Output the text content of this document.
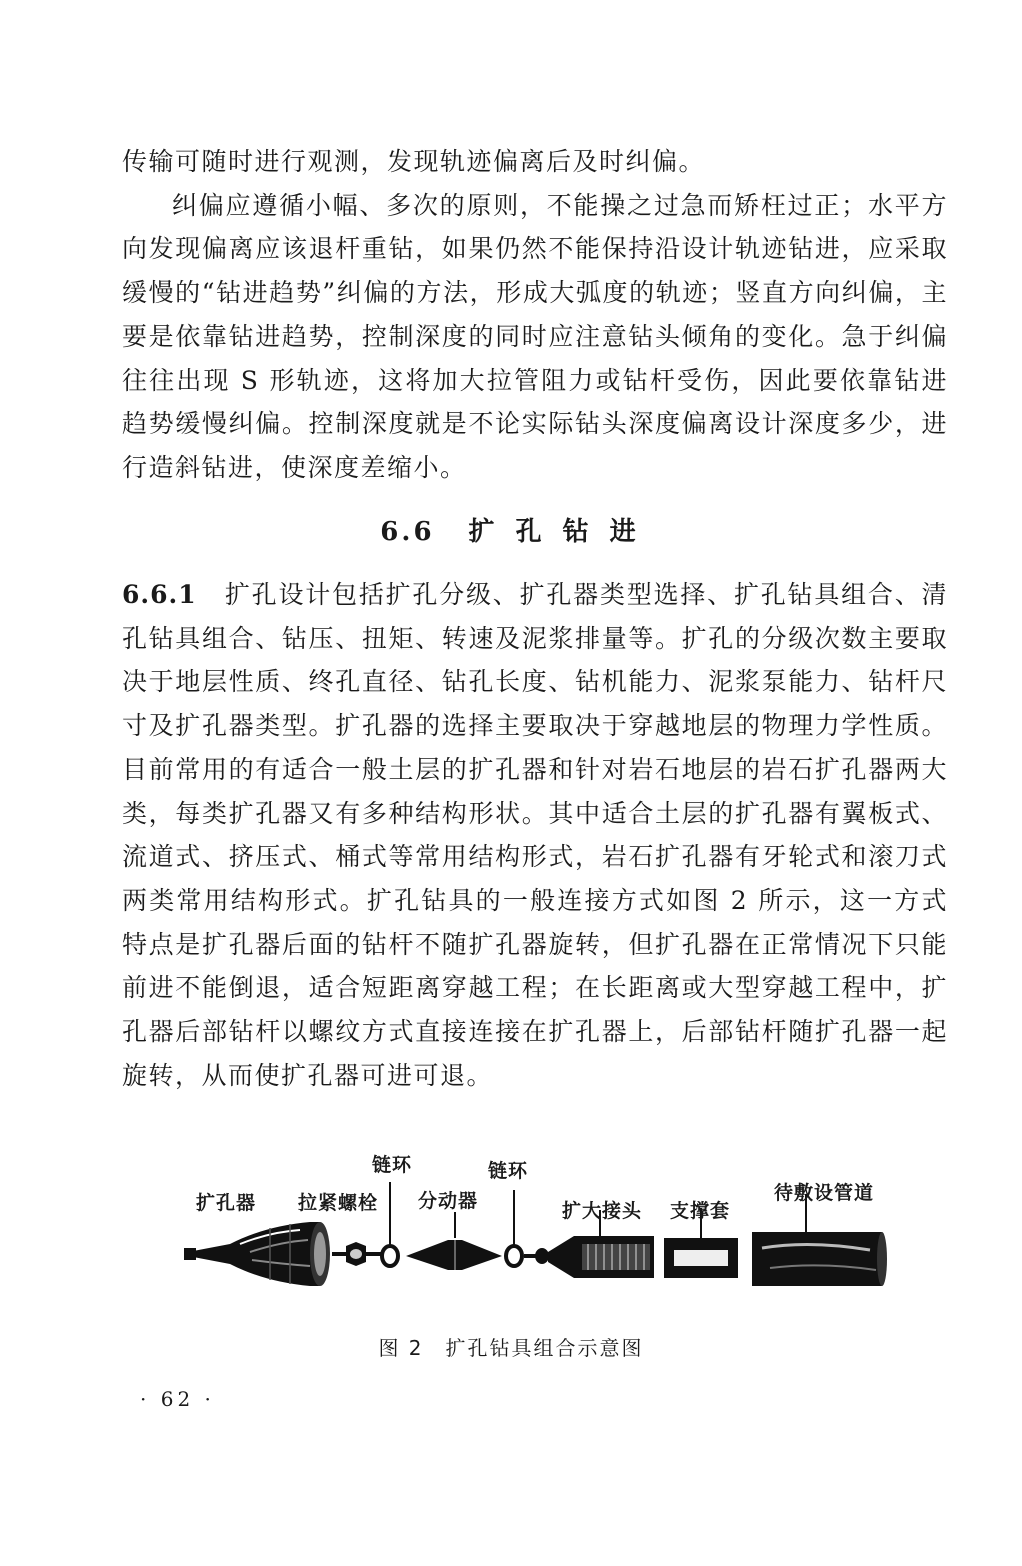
传输可随时进行观测，发现轨迹偏离后及时纠偏。

纠偏应遵循小幅、多次的原则，不能操之过急而矫枉过正；水平方向发现偏离应该退杆重钻，如果仍然不能保持沿设计轨迹钻进，应采取缓慢的“钻进趋势”纠偏的方法，形成大弧度的轨迹；竖直方向纠偏，主要是依靠钻进趋势，控制深度的同时应注意钻头倾角的变化。急于纠偏往往出现 S 形轨迹，这将加大拉管阻力或钻杆受伤，因此要依靠钻进趋势缓慢纠偏。控制深度就是不论实际钻头深度偏离设计深度多少，进行造斜钻进，使深度差缩小。

6.6 扩 孔 钻 进

6.6.1 扩孔设计包括扩孔分级、扩孔器类型选择、扩孔钻具组合、清孔钻具组合、钻压、扭矩、转速及泥浆排量等。扩孔的分级次数主要取决于地层性质、终孔直径、钻孔长度、钻机能力、泥浆泵能力、钻杆尺寸及扩孔器类型。扩孔器的选择主要取决于穿越地层的物理力学性质。目前常用的有适合一般土层的扩孔器和针对岩石地层的岩石扩孔器两大类，每类扩孔器又有多种结构形状。其中适合土层的扩孔器有翼板式、流道式、挤压式、桶式等常用结构形式，岩石扩孔器有牙轮式和滚刀式两类常用结构形式。扩孔钻具的一般连接方式如图 2 所示，这一方式特点是扩孔器后面的钻杆不随扩孔器旋转，但扩孔器在正常情况下只能前进不能倒退，适合短距离穿越工程；在长距离或大型穿越工程中，扩孔器后部钻杆以螺纹方式直接连接在扩孔器上，后部钻杆随扩孔器一起旋转，从而使扩孔器可进可退。

扩孔器 拉紧螺栓
链环
分动器
链环
扩大接头 支撑套
待敷设管道
图 2 扩孔钻具组合示意图
· 62 ·
